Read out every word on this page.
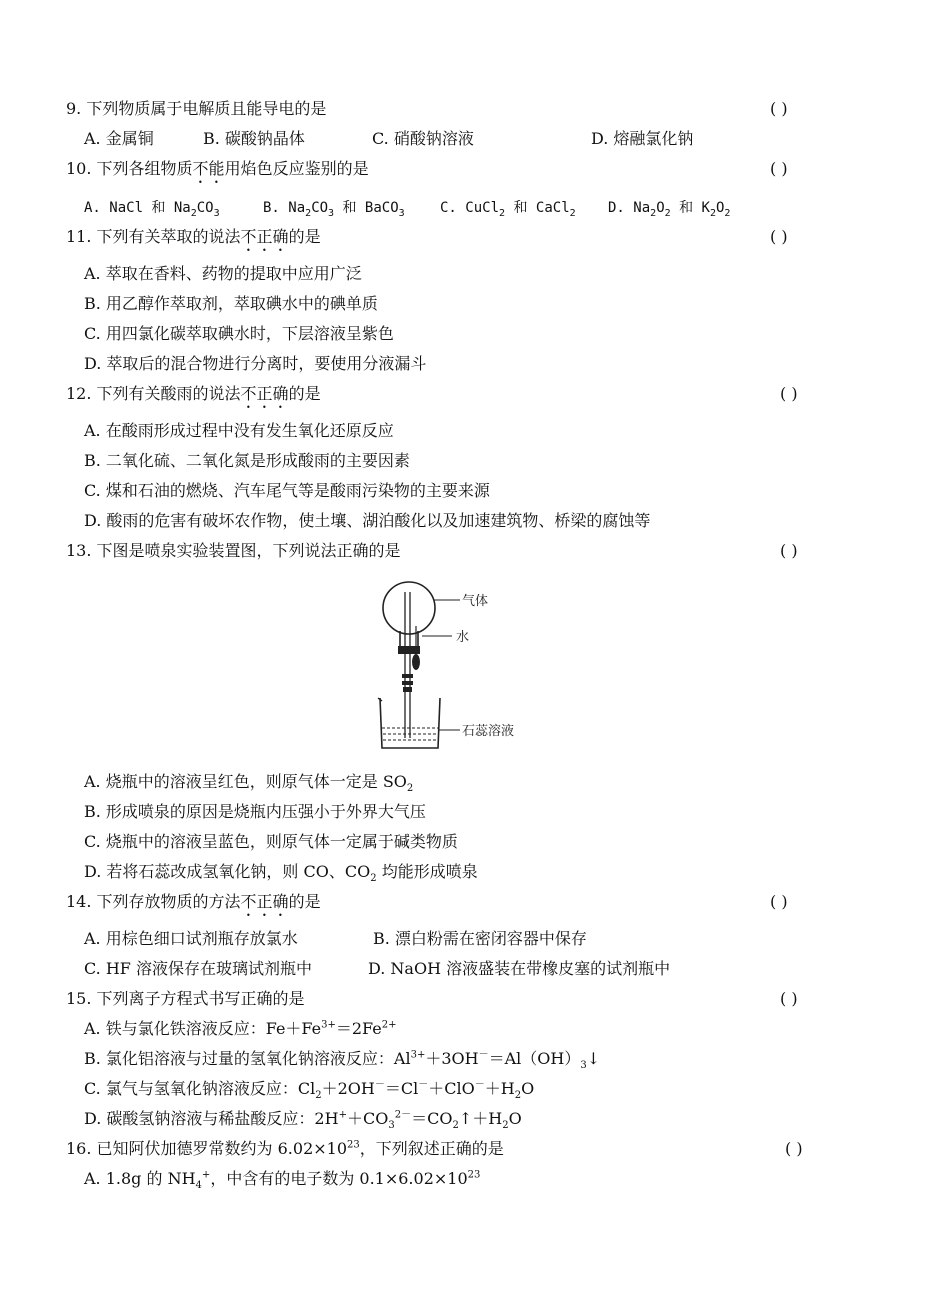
9. 下列物质属于电解质且能导电的是	( )
A. 金属铜	B. 碳酸钠晶体	C. 硝酸钠溶液	D. 熔融氯化钠
10. 下列各组物质不能用焰色反应鉴别的是	( )
A. NaCl 和 $Na_2CO_3$	B. $Na_2CO_3$ 和 BaCO$_3$	C. CuCl$_2$ 和 CaCl$_2$ D. $Na_2O_2$ 和 $K_2O_2$
11. 下列有关萃取的说法不正确的是	( )
A. 萃取在香料、药物的提取中应用广泛
B. 用乙醇作萃取剂，萃取碘水中的碘单质
C. 用四氯化碳萃取碘水时，下层溶液呈紫色
D. 萃取后的混合物进行分离时，要使用分液漏斗
12. 下列有关酸雨的说法不正确的是	( )
A. 在酸雨形成过程中没有发生氧化还原反应
B. 二氧化硫、二氧化氮是形成酸雨的主要因素
C. 煤和石油的燃烧、汽车尾气等是酸雨污染物的主要来源
D. 酸雨的危害有破坏农作物，使土壤、湖泊酸化以及加速建筑物、桥梁的腐蚀等
13. 下图是喷泉实验装置图，下列说法正确的是	( )
气体
水
石蕊溶液
A. 烧瓶中的溶液呈红色，则原气体一定是 $SO_2$
B. 形成喷泉的原因是烧瓶内压强小于外界大气压
C. 烧瓶中的溶液呈蓝色，则原气体一定属于碱类物质
D. 若将石蕊改成氢氧化钠，则 CO、$CO_2$ 均能形成喷泉
14. 下列存放物质的方法不正确的是	( )
A. 用棕色细口试剂瓶存放氯水	B. 漂白粉需在密闭容器中保存
C. HF 溶液保存在玻璃试剂瓶中	D. NaOH 溶液盛装在带橡皮塞的试剂瓶中
15. 下列离子方程式书写正确的是	( )
A. 铁与氯化铁溶液反应：$Fe+Fe^{3+}=2Fe^{2+}$
B. 氯化铝溶液与过量的氢氧化钠溶液反应：$Al^{3+}+3OH^-=Al(OH)_3↓$
C. 氯气与氢氧化钠溶液反应：$Cl_2+2OH^-=Cl^-+ClO^-+H_2O$
D. 碳酸氢钠溶液与稀盐酸反应：$2H^++CO_3^{2-}=CO_2↑+H_2O$
16. 已知阿伏加德罗常数约为 $6.02\times 10^{23}$，下列叙述正确的是	( )
A. 1.8g 的 $NH_4^+$，中含有的电子数为 $0.1\times 6.02\times 10^{23}$
